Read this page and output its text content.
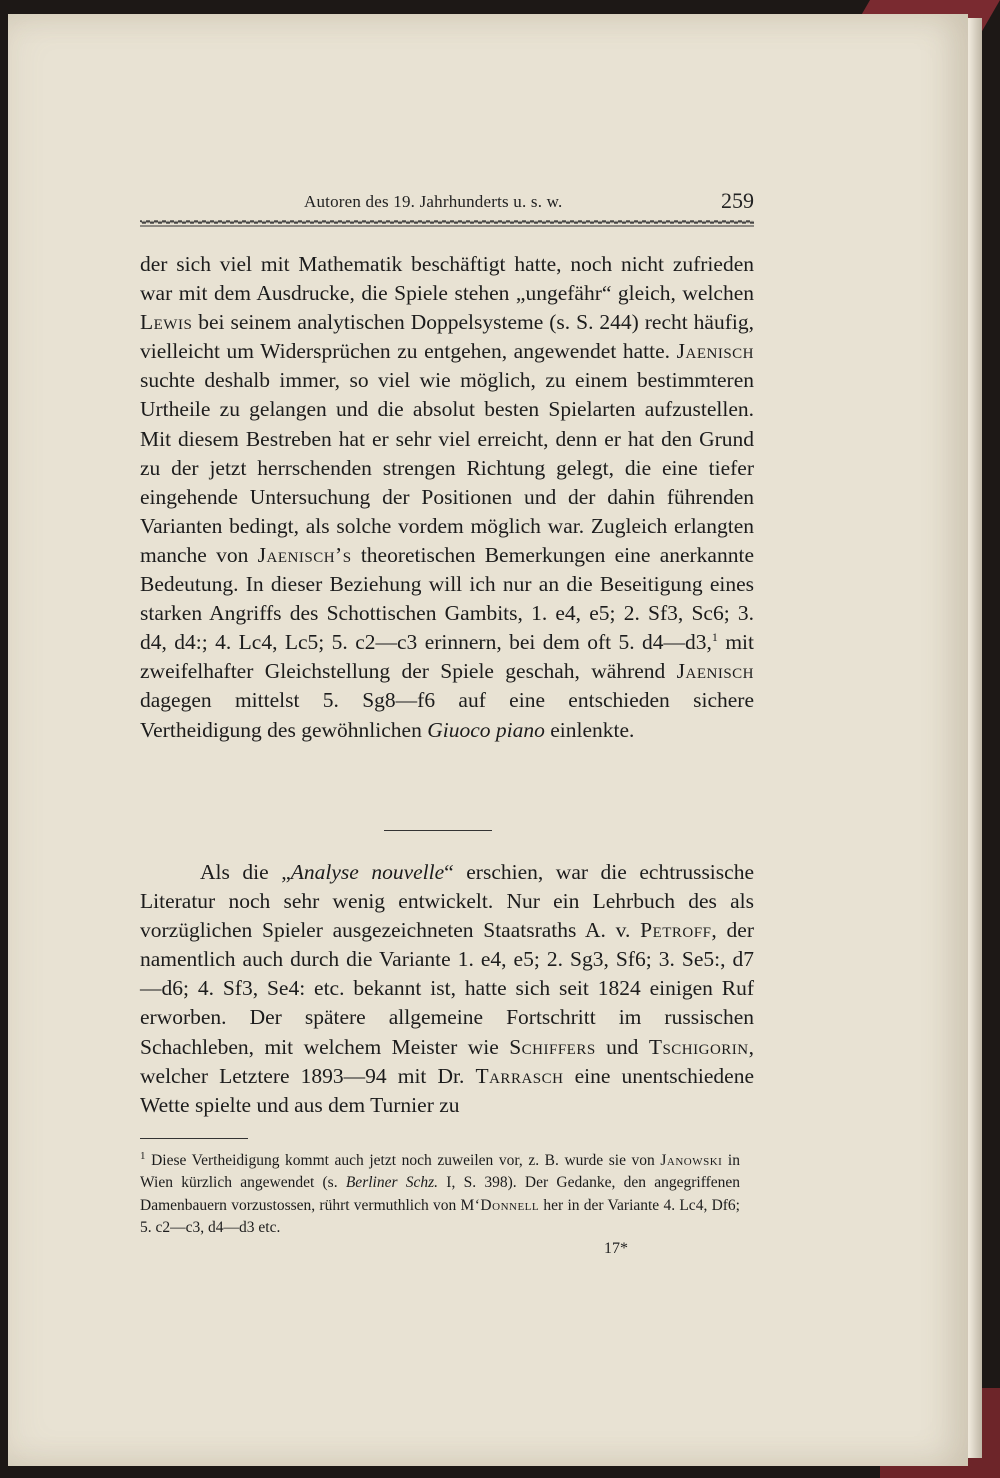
Autoren des 19. Jahrhunderts u. s. w.	259
der sich viel mit Mathematik beschäftigt hatte, noch nicht zufrieden war mit dem Ausdrucke, die Spiele stehen „ungefähr“ gleich, welchen Lewis bei seinem analytischen Doppelsysteme (s. S. 244) recht häufig, vielleicht um Widersprüchen zu entgehen, angewendet hatte. Jaenisch suchte deshalb immer, so viel wie möglich, zu einem bestimmteren Urtheile zu gelangen und die absolut besten Spielarten aufzustellen. Mit diesem Bestreben hat er sehr viel erreicht, denn er hat den Grund zu der jetzt herrschenden strengen Richtung gelegt, die eine tiefer eingehende Untersuchung der Positionen und der dahin führenden Varianten bedingt, als solche vordem möglich war. Zugleich erlangten manche von Jaenisch’s theoretischen Bemerkungen eine anerkannte Bedeutung. In dieser Beziehung will ich nur an die Beseitigung eines starken Angriffs des Schottischen Gambits, 1. e4, e5; 2. Sf3, Sc6; 3. d4, d4:; 4. Lc4, Lc5; 5. c2—c3 erinnern, bei dem oft 5. d4—d3,$^1$ mit zweifelhafter Gleichstellung der Spiele geschah, während Jaenisch dagegen mittelst 5. Sg8—f6 auf eine entschieden sichere Vertheidigung des gewöhnlichen Giuoco piano einlenkte.
Als die „Analyse nouvelle“ erschien, war die echtrussische Literatur noch sehr wenig entwickelt. Nur ein Lehrbuch des als vorzüglichen Spieler ausgezeichneten Staatsraths A. v. Petroff, der namentlich auch durch die Variante 1. e4, e5; 2. Sg3, Sf6; 3. Se5:, d7—d6; 4. Sf3, Se4: etc. bekannt ist, hatte sich seit 1824 einigen Ruf erworben. Der spätere allgemeine Fortschritt im russischen Schachleben, mit welchem Meister wie Schiffers und Tschigorin, welcher Letztere 1893—94 mit Dr. Tarrasch eine unentschiedene Wette spielte und aus dem Turnier zu
$^1$ Diese Vertheidigung kommt auch jetzt noch zuweilen vor, z. B. wurde sie von Janowski in Wien kürzlich angewendet (s. Berliner Schz. I, S. 398). Der Gedanke, den angegriffenen Damenbauern vorzustossen, rührt vermuthlich von M‘Donnell her in der Variante 4. Lc4, Df6; 5. c2—c3, d4—d3 etc.
17*
